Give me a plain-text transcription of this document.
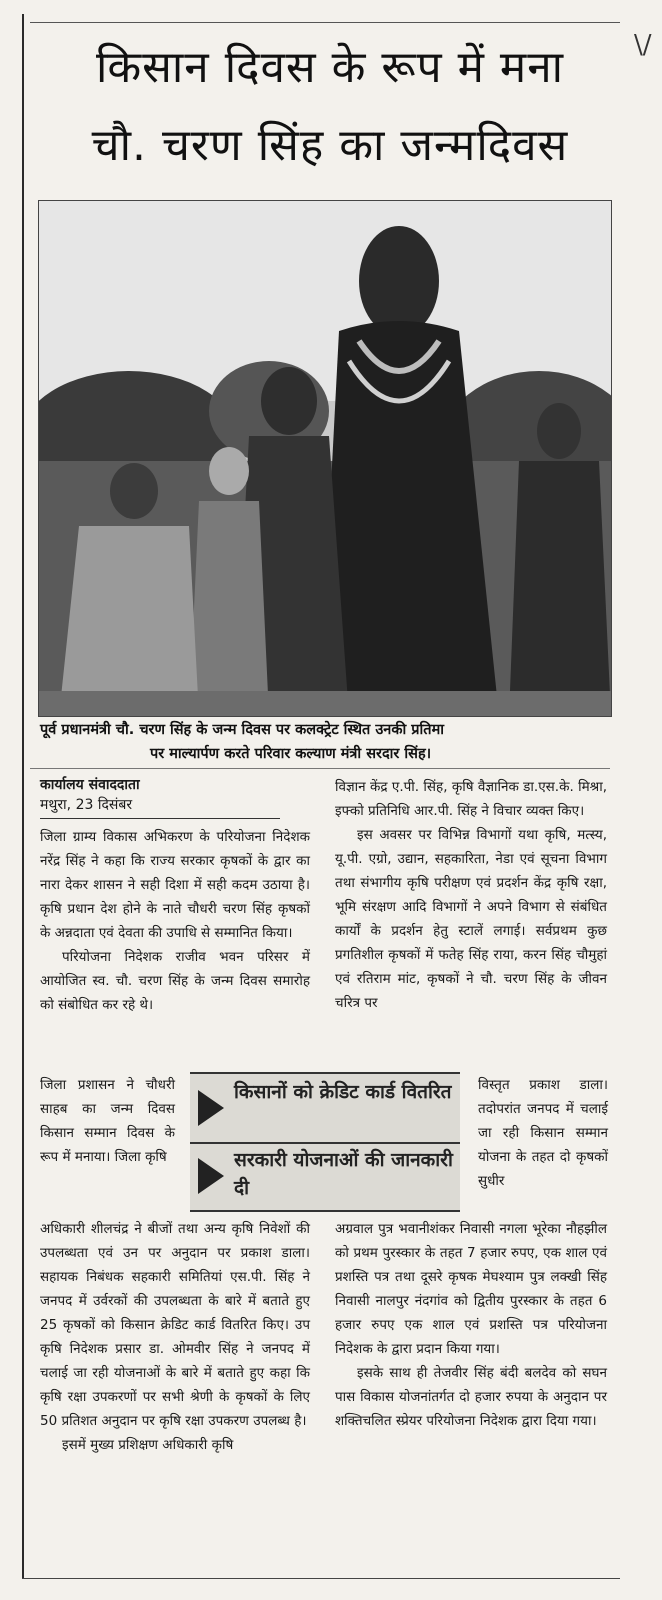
\/
किसान दिवस के रूप में मना
चौ. चरण सिंह का जन्मदिवस
पूर्व प्रधानमंत्री चौ. चरण सिंह के जन्म दिवस पर कलक्ट्रेट स्थित उनकी प्रतिमा
पर माल्यार्पण करते परिवार कल्याण मंत्री सरदार सिंह।
कार्यालय संवाददाता
मथुरा, 23 दिसंबर

जिला ग्राम्य विकास अभिकरण के परियोजना निदेशक नरेंद्र सिंह ने कहा कि राज्य सरकार कृषकों के द्वार का नारा देकर शासन ने सही दिशा में सही कदम उठाया है। कृषि प्रधान देश होने के नाते चौधरी चरण सिंह कृषकों के अन्नदाता एवं देवता की उपाधि से सम्मानित किया।

परियोजना निदेशक राजीव भवन परिसर में आयोजित स्व. चौ. चरण सिंह के जन्म दिवस समारोह को संबोधित कर रहे थे।

विज्ञान केंद्र ए.पी. सिंह, कृषि वैज्ञानिक डा.एस.के. मिश्रा, इफ्को प्रतिनिधि आर.पी. सिंह ने विचार व्यक्त किए।

इस अवसर पर विभिन्न विभागों यथा कृषि, मत्स्य, यू.पी. एग्रो, उद्यान, सहकारिता, नेडा एवं सूचना विभाग तथा संभागीय कृषि परीक्षण एवं प्रदर्शन केंद्र कृषि रक्षा, भूमि संरक्षण आदि विभागों ने अपने विभाग से संबंधित कार्यों के प्रदर्शन हेतु स्टालें लगाई। सर्वप्रथम कुछ प्रगतिशील कृषकों में फतेह सिंह राया, करन सिंह चौमुहां एवं रतिराम मांट, कृषकों ने चौ. चरण सिंह के जीवन चरित्र पर

जिला प्रशासन ने चौधरी साहब का जन्म दिवस किसान सम्मान दिवस के रूप में मनाया। जिला कृषि

किसानों को क्रेडिट कार्ड वितरित
सरकारी योजनाओं की जानकारी दी

विस्तृत प्रकाश डाला। तदोपरांत जनपद में चलाई जा रही किसान सम्मान योजना के तहत दो कृषकों सुधीर

अधिकारी शीलचंद्र ने बीजों तथा अन्य कृषि निवेशों की उपलब्धता एवं उन पर अनुदान पर प्रकाश डाला। सहायक निबंधक सहकारी समितियां एस.पी. सिंह ने जनपद में उर्वरकों की उपलब्धता के बारे में बताते हुए 25 कृषकों को किसान क्रेडिट कार्ड वितरित किए। उप कृषि निदेशक प्रसार डा. ओमवीर सिंह ने जनपद में चलाई जा रही योजनाओं के बारे में बताते हुए कहा कि कृषि रक्षा उपकरणों पर सभी श्रेणी के कृषकों के लिए 50 प्रतिशत अनुदान पर कृषि रक्षा उपकरण उपलब्ध है।

इसमें मुख्य प्रशिक्षण अधिकारी कृषि

अग्रवाल पुत्र भवानीशंकर निवासी नगला भूरेका नौहझील को प्रथम पुरस्कार के तहत 7 हजार रुपए, एक शाल एवं प्रशस्ति पत्र तथा दूसरे कृषक मेघश्याम पुत्र लक्खी सिंह निवासी नालपुर नंदगांव को द्वितीय पुरस्कार के तहत 6 हजार रुपए एक शाल एवं प्रशस्ति पत्र परियोजना निदेशक के द्वारा प्रदान किया गया।

इसके साथ ही तेजवीर सिंह बंदी बलदेव को सघन पास विकास योजनांतर्गत दो हजार रुपया के अनुदान पर शक्तिचलित स्प्रेयर परियोजना निदेशक द्वारा दिया गया।
